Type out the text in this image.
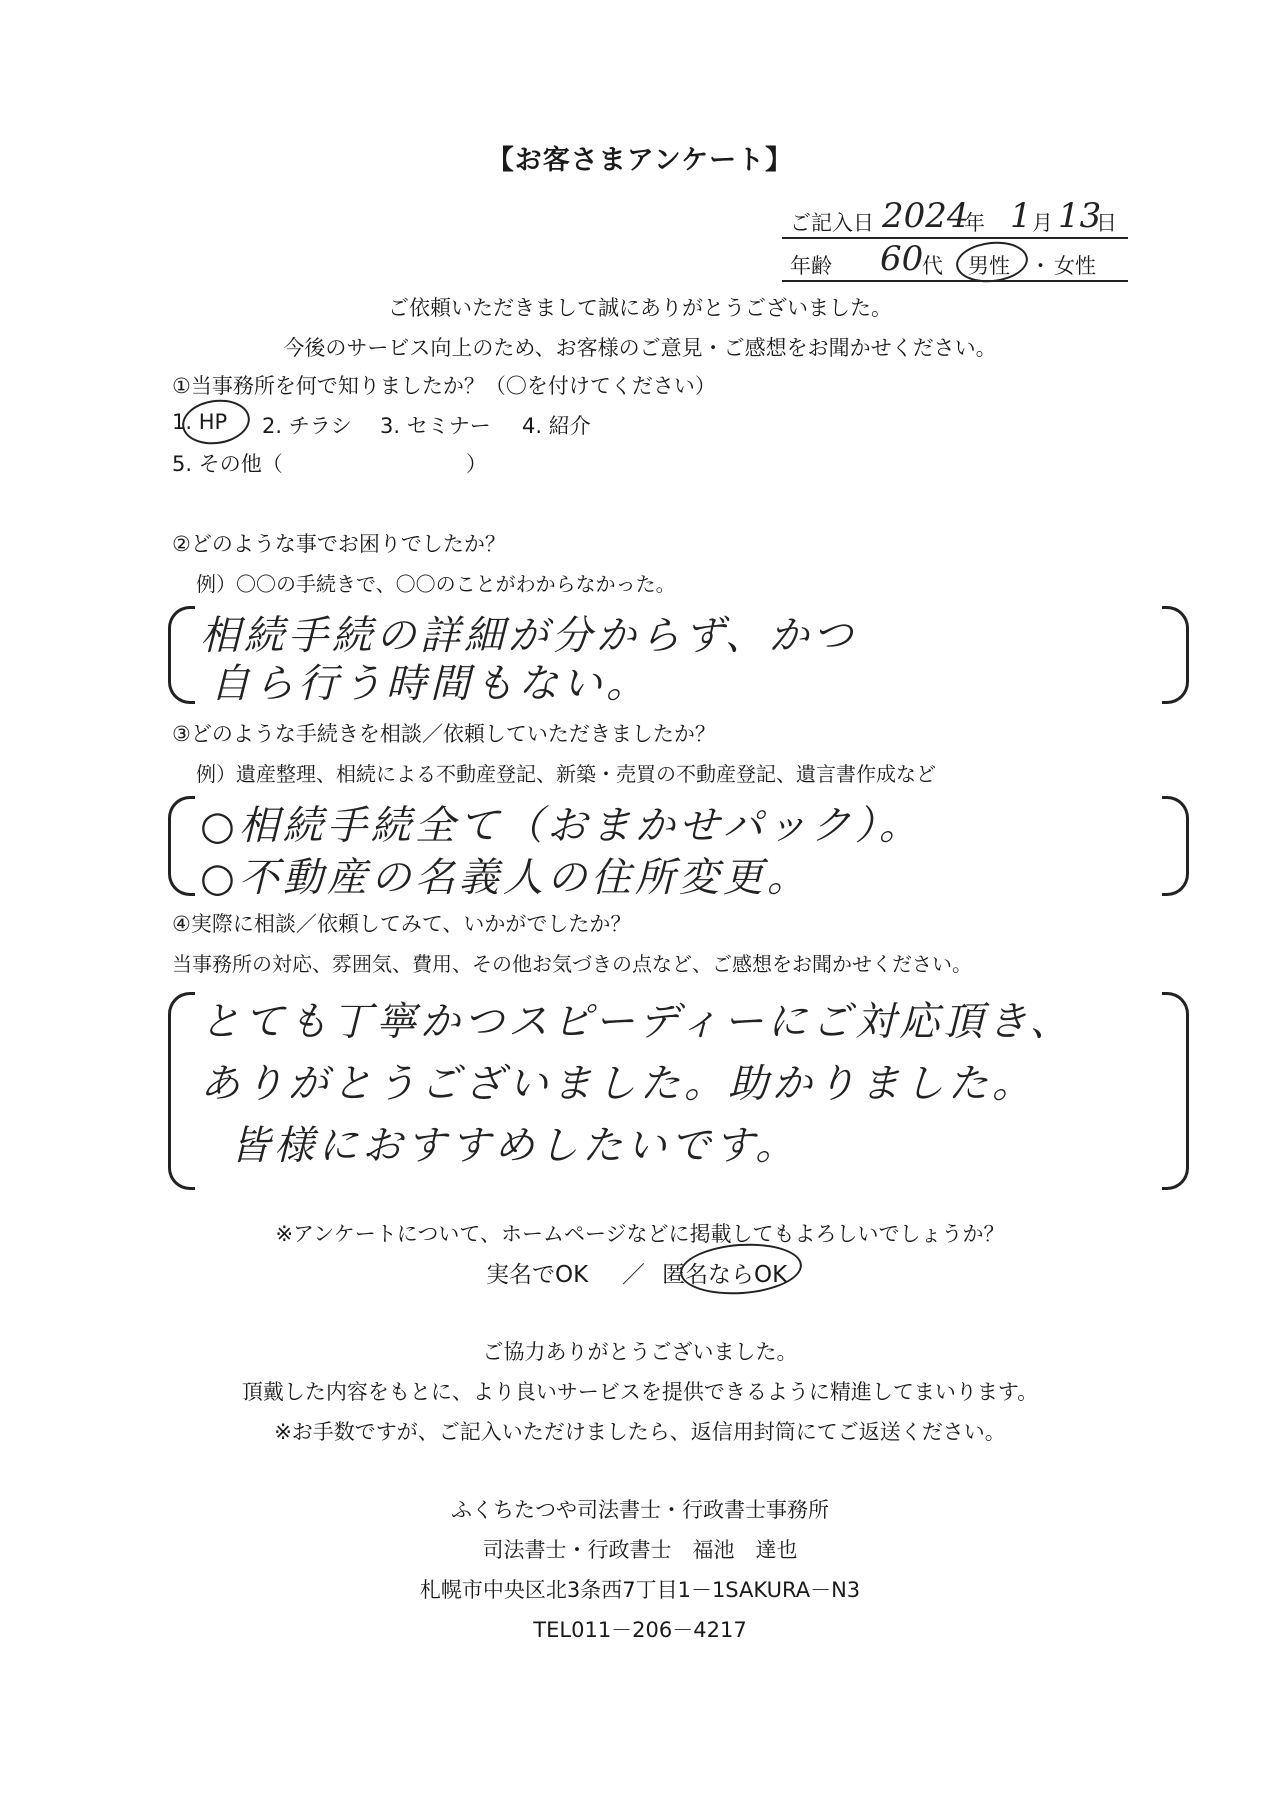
【お客さまアンケート】
ご記入日 2024
年 1 月 13
日
年齢 60
代 男性 ・ 女性
ご依頼いただきまして誠にありがとうございました。
今後のサービス向上のため、お客様のご意見・ご感想をお聞かせください。
①当事務所を何で知りましたか？（〇を付けてください）
1. HP 2. チラシ 3. セミナー 4. 紹介
5. その他（	）
②どのような事でお困りでしたか？
例）〇〇の手続きで、〇〇のことがわからなかった。
相続手続の詳細が分からず、かつ
自ら行う時間もない。
③どのような手続きを相談／依頼していただきましたか？
例）遺産整理、相続による不動産登記、新築・売買の不動産登記、遺言書作成など
○相続手続全て（おまかせパック）。
○不動産の名義人の住所変更。
④実際に相談／依頼してみて、いかがでしたか？
当事務所の対応、雰囲気、費用、その他お気づきの点など、ご感想をお聞かせください。
とても丁寧かつスピーディーにご対応頂き、
ありがとうございました。助かりました。
皆様におすすめしたいです。
※アンケートについて、ホームページなどに掲載してもよろしいでしょうか？
実名でOK ／ 匿名ならOK
ご協力ありがとうございました。
頂戴した内容をもとに、より良いサービスを提供できるように精進してまいります。
※お手数ですが、ご記入いただけましたら、返信用封筒にてご返送ください。
ふくちたつや司法書士・行政書士事務所
司法書士・行政書士　福池　達也
札幌市中央区北3条西7丁目1－1SAKURA－N3
TEL011－206－4217
